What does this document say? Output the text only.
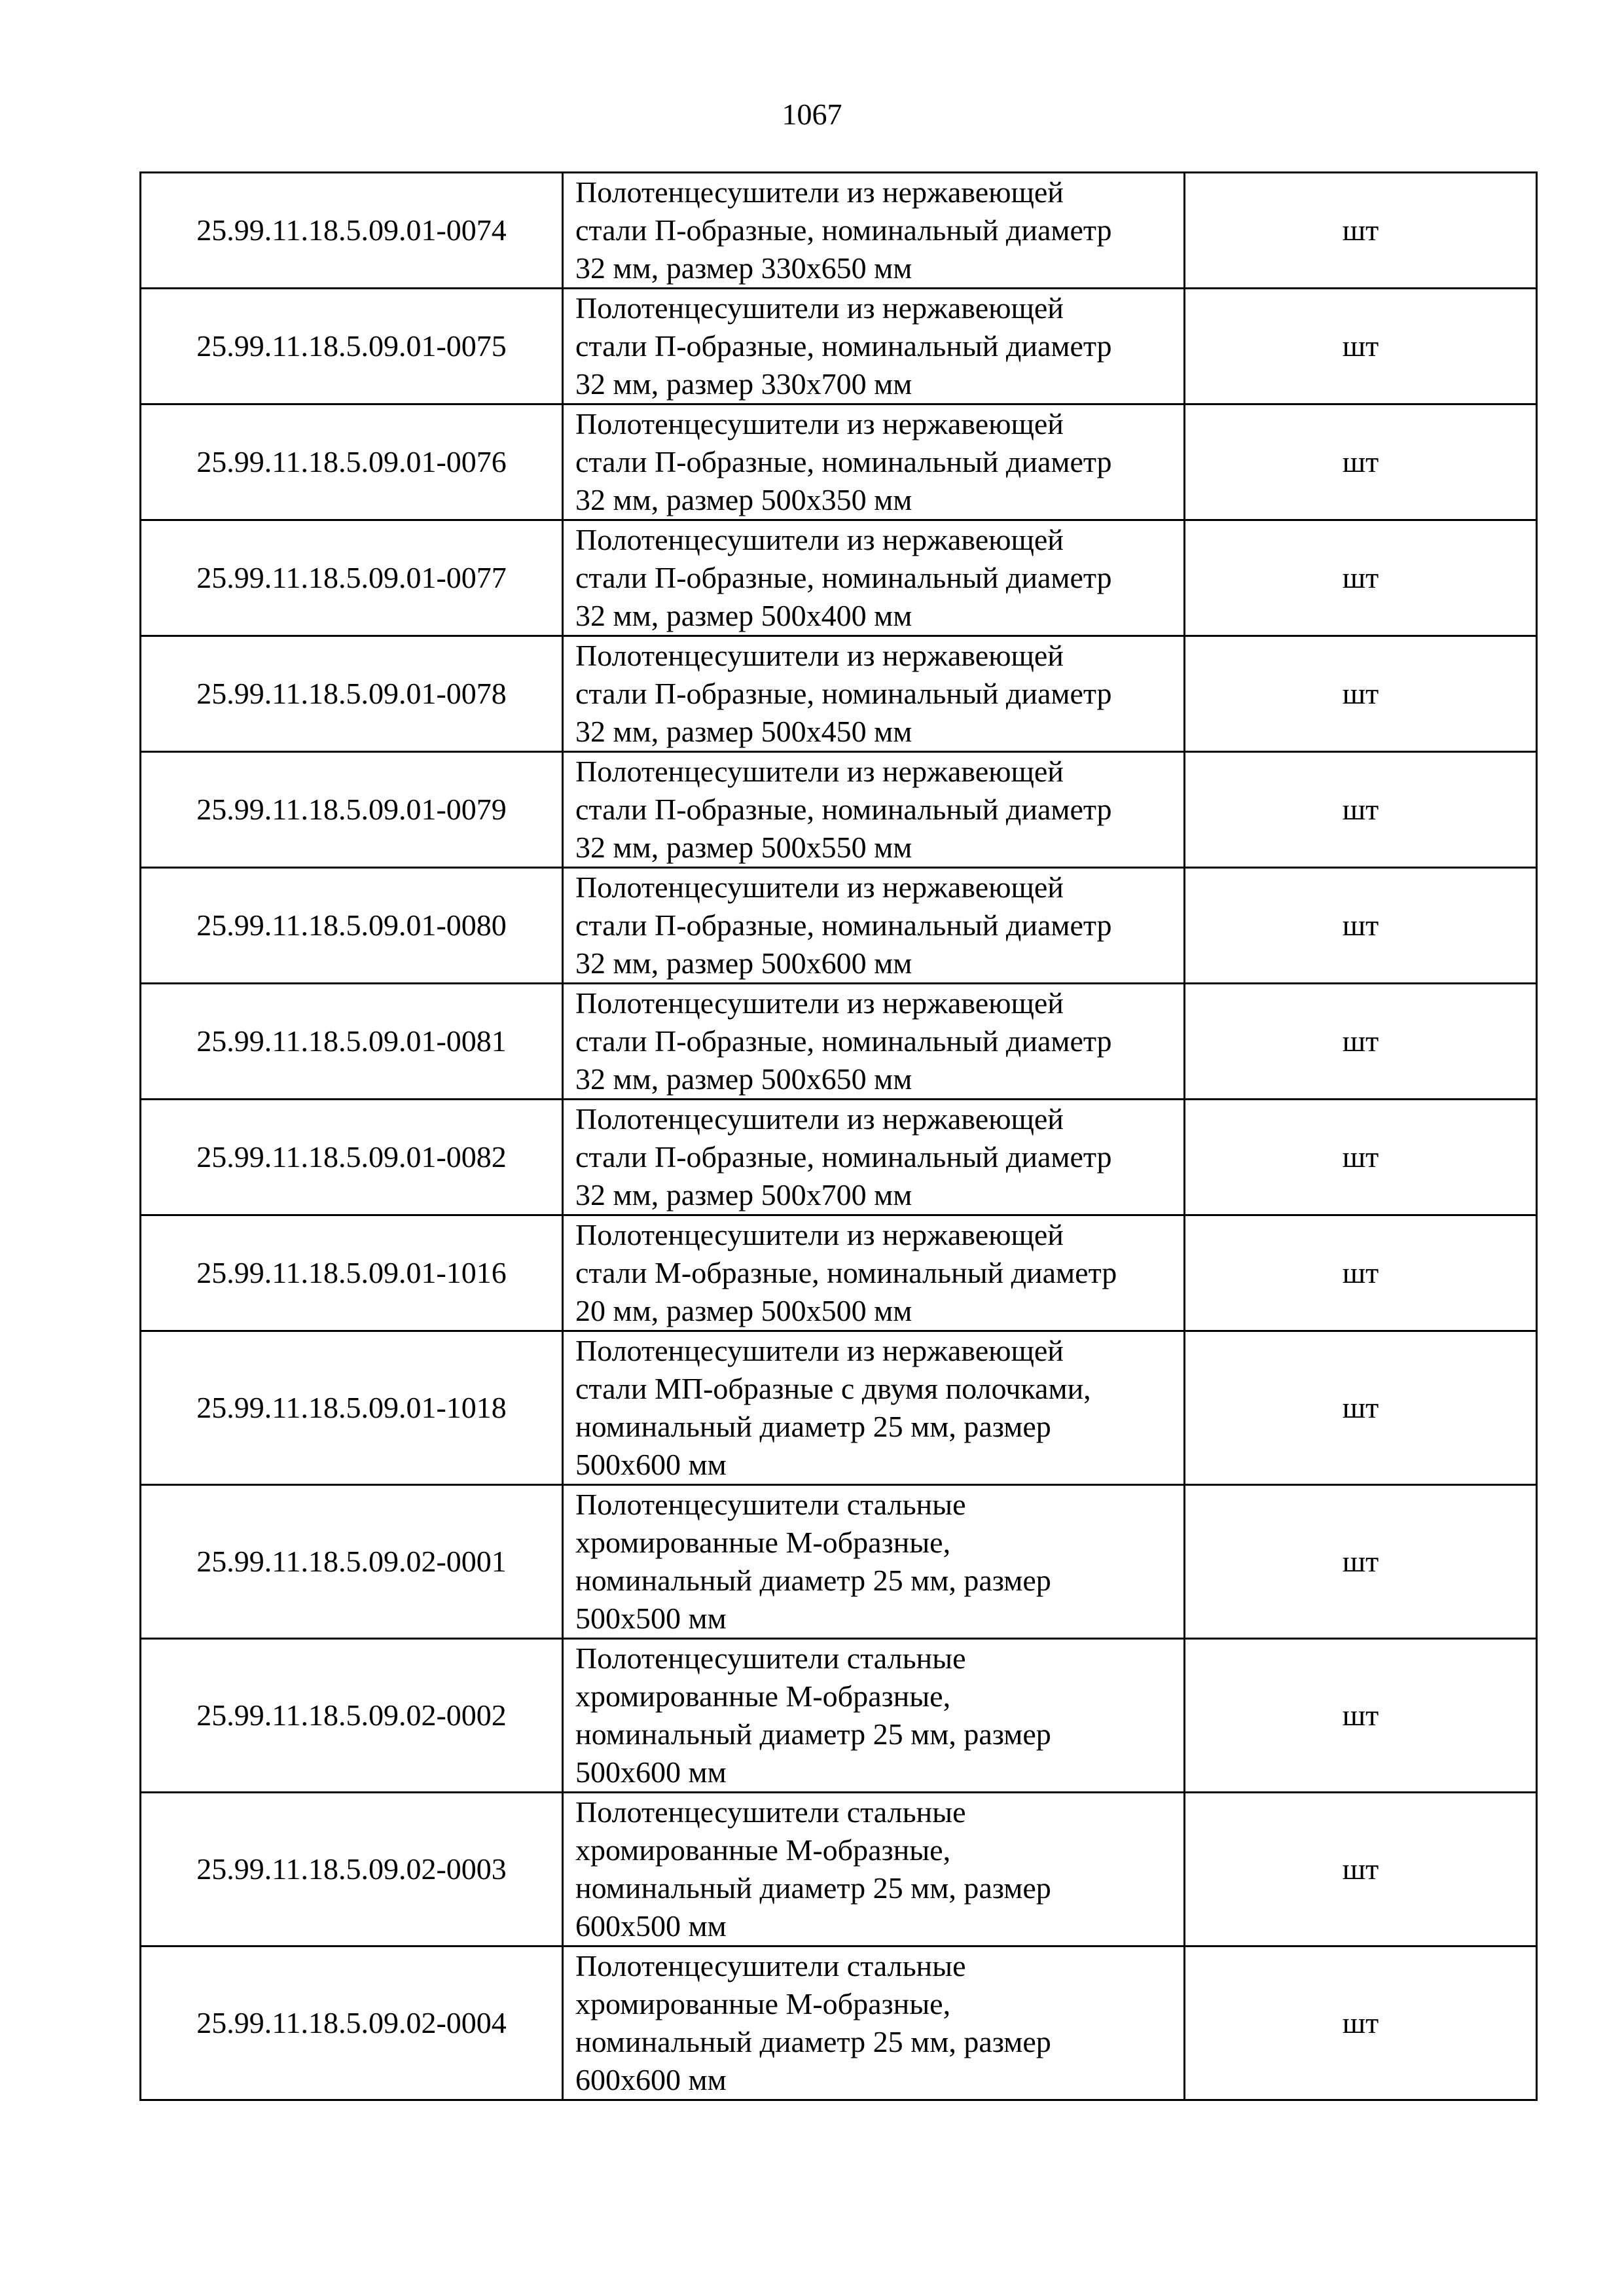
1067
25.99.11.18.5.09.01-0074	Полотенцесушители из нержавеющей
стали П-образные, номинальный диаметр
32 мм, размер 330х650 мм	шт
25.99.11.18.5.09.01-0075	Полотенцесушители из нержавеющей
стали П-образные, номинальный диаметр
32 мм, размер 330х700 мм	шт
25.99.11.18.5.09.01-0076	Полотенцесушители из нержавеющей
стали П-образные, номинальный диаметр
32 мм, размер 500х350 мм	шт
25.99.11.18.5.09.01-0077	Полотенцесушители из нержавеющей
стали П-образные, номинальный диаметр
32 мм, размер 500х400 мм	шт
25.99.11.18.5.09.01-0078	Полотенцесушители из нержавеющей
стали П-образные, номинальный диаметр
32 мм, размер 500х450 мм	шт
25.99.11.18.5.09.01-0079	Полотенцесушители из нержавеющей
стали П-образные, номинальный диаметр
32 мм, размер 500х550 мм	шт
25.99.11.18.5.09.01-0080	Полотенцесушители из нержавеющей
стали П-образные, номинальный диаметр
32 мм, размер 500х600 мм	шт
25.99.11.18.5.09.01-0081	Полотенцесушители из нержавеющей
стали П-образные, номинальный диаметр
32 мм, размер 500х650 мм	шт
25.99.11.18.5.09.01-0082	Полотенцесушители из нержавеющей
стали П-образные, номинальный диаметр
32 мм, размер 500х700 мм	шт
25.99.11.18.5.09.01-1016	Полотенцесушители из нержавеющей
стали М-образные, номинальный диаметр
20 мм, размер 500х500 мм	шт
25.99.11.18.5.09.01-1018	Полотенцесушители из нержавеющей
стали МП-образные с двумя полочками,
номинальный диаметр 25 мм, размер
500х600 мм	шт
25.99.11.18.5.09.02-0001	Полотенцесушители стальные
хромированные М-образные,
номинальный диаметр 25 мм, размер
500х500 мм	шт
25.99.11.18.5.09.02-0002	Полотенцесушители стальные
хромированные М-образные,
номинальный диаметр 25 мм, размер
500х600 мм	шт
25.99.11.18.5.09.02-0003	Полотенцесушители стальные
хромированные М-образные,
номинальный диаметр 25 мм, размер
600х500 мм	шт
25.99.11.18.5.09.02-0004	Полотенцесушители стальные
хромированные М-образные,
номинальный диаметр 25 мм, размер
600х600 мм	шт
